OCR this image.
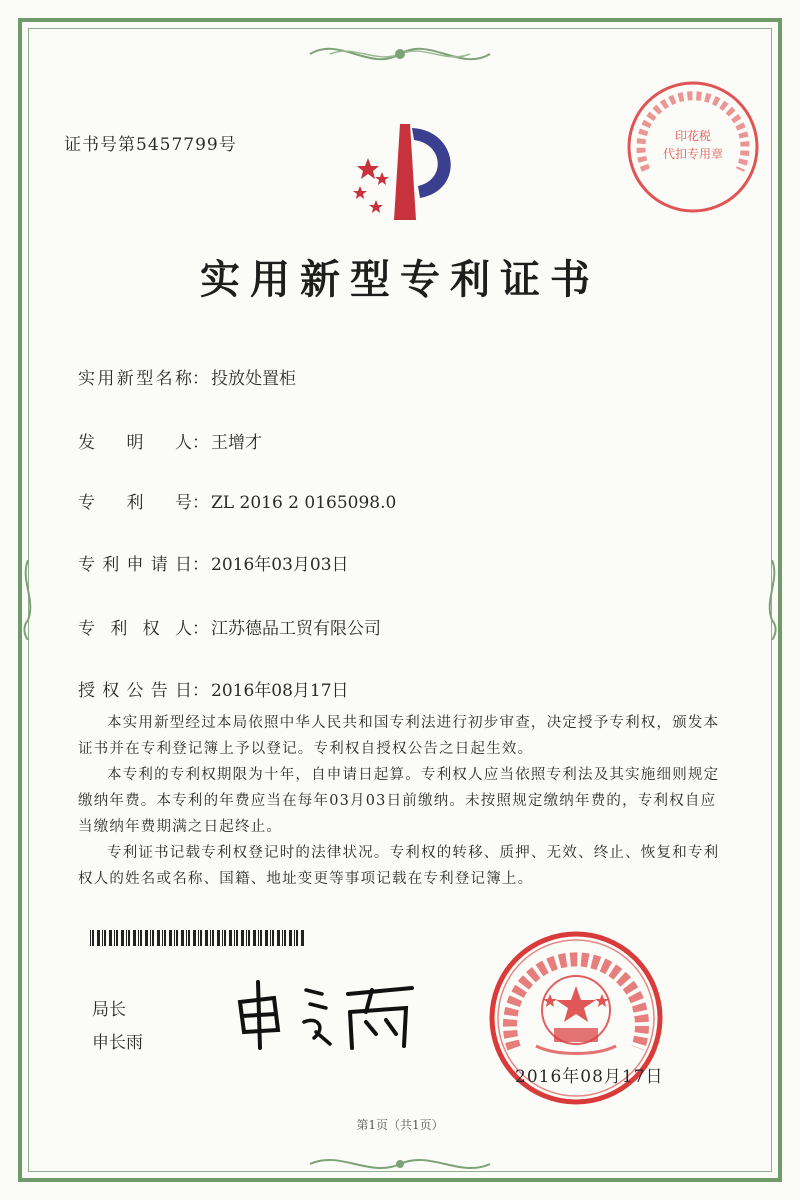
证书号第5457799号
实用新型专利证书
实用新型名称： 投放处置柜
发 明 人： 王增才
专 利 号： ZL 2016 2 0165098.0
专利申请日： 2016年03月03日
专利权人： 江苏德品工贸有限公司
授权公告日： 2016年08月17日

本实用新型经过本局依照中华人民共和国专利法进行初步审查，决定授予专利权，颁发本证书并在专利登记簿上予以登记。专利权自授权公告之日起生效。

本专利的专利权期限为十年，自申请日起算。专利权人应当依照专利法及其实施细则规定缴纳年费。本专利的年费应当在每年03月03日前缴纳。未按照规定缴纳年费的，专利权自应当缴纳年费期满之日起终止。

专利证书记载专利权登记时的法律状况。专利权的转移、质押、无效、终止、恢复和专利权人的姓名或名称、国籍、地址变更等事项记载在专利登记簿上。

局长
申长雨
2016年08月17日
印花税
代扣专用章
第1页（共1页）
